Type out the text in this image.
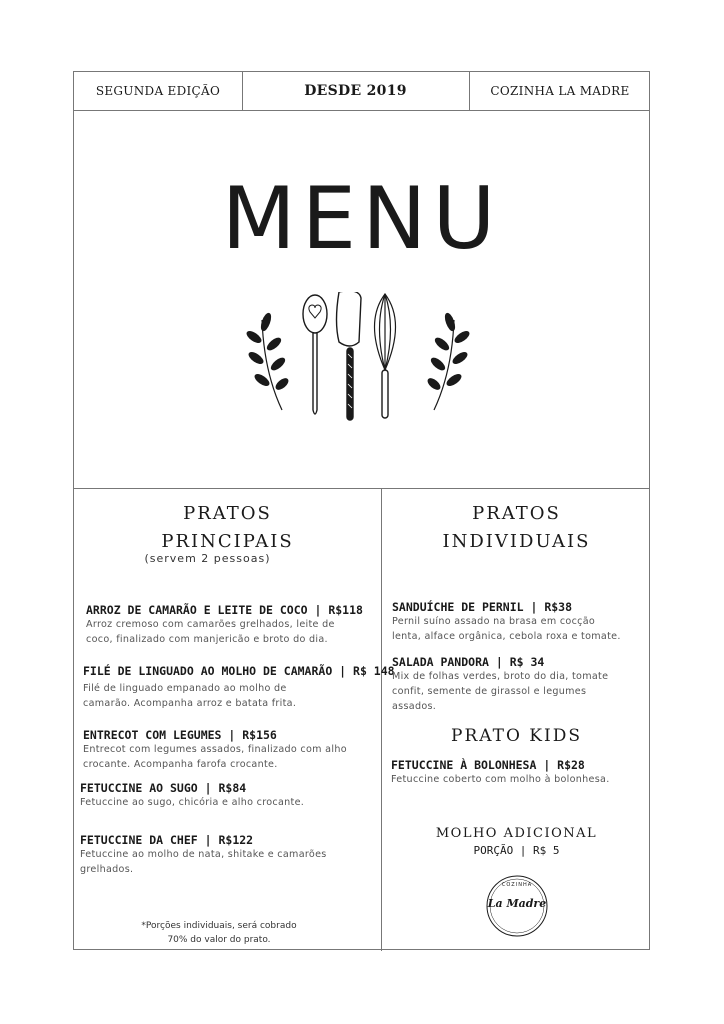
SEGUNDA EDIÇÃO	DESDE 2019	COZINHA LA MADRE
MENU
PRATOS
PRINCIPAIS
(servem 2 pessoas)
ARROZ DE CAMARÃO E LEITE DE COCO | R$118
Arroz cremoso com camarões grelhados, leite de
coco, finalizado com manjericão e broto do dia.
FILÉ DE LINGUADO AO MOLHO DE CAMARÃO | R$ 148
Filé de linguado empanado ao molho de
camarão. Acompanha arroz e batata frita.
ENTRECOT COM LEGUMES | R$156
Entrecot com legumes assados, finalizado com alho
crocante. Acompanha farofa crocante.
FETUCCINE AO SUGO | R$84
Fetuccine ao sugo, chicória e alho crocante.
FETUCCINE DA CHEF | R$122
Fetuccine ao molho de nata, shitake e camarões
grelhados.
*Porções individuais, será cobrado
70% do valor do prato.
PRATOS
INDIVIDUAIS
SANDUÍCHE DE PERNIL | R$38
Pernil suíno assado na brasa em cocção
lenta, alface orgânica, cebola roxa e tomate.
SALADA PANDORA | R$ 34
Mix de folhas verdes, broto do dia, tomate
confit, semente de girassol e legumes
assados.
PRATO KIDS
FETUCCINE À BOLONHESA | R$28
Fetuccine coberto com molho à bolonhesa.
MOLHO ADICIONAL
PORÇÃO | R$ 5
COZINHA
La Madre
